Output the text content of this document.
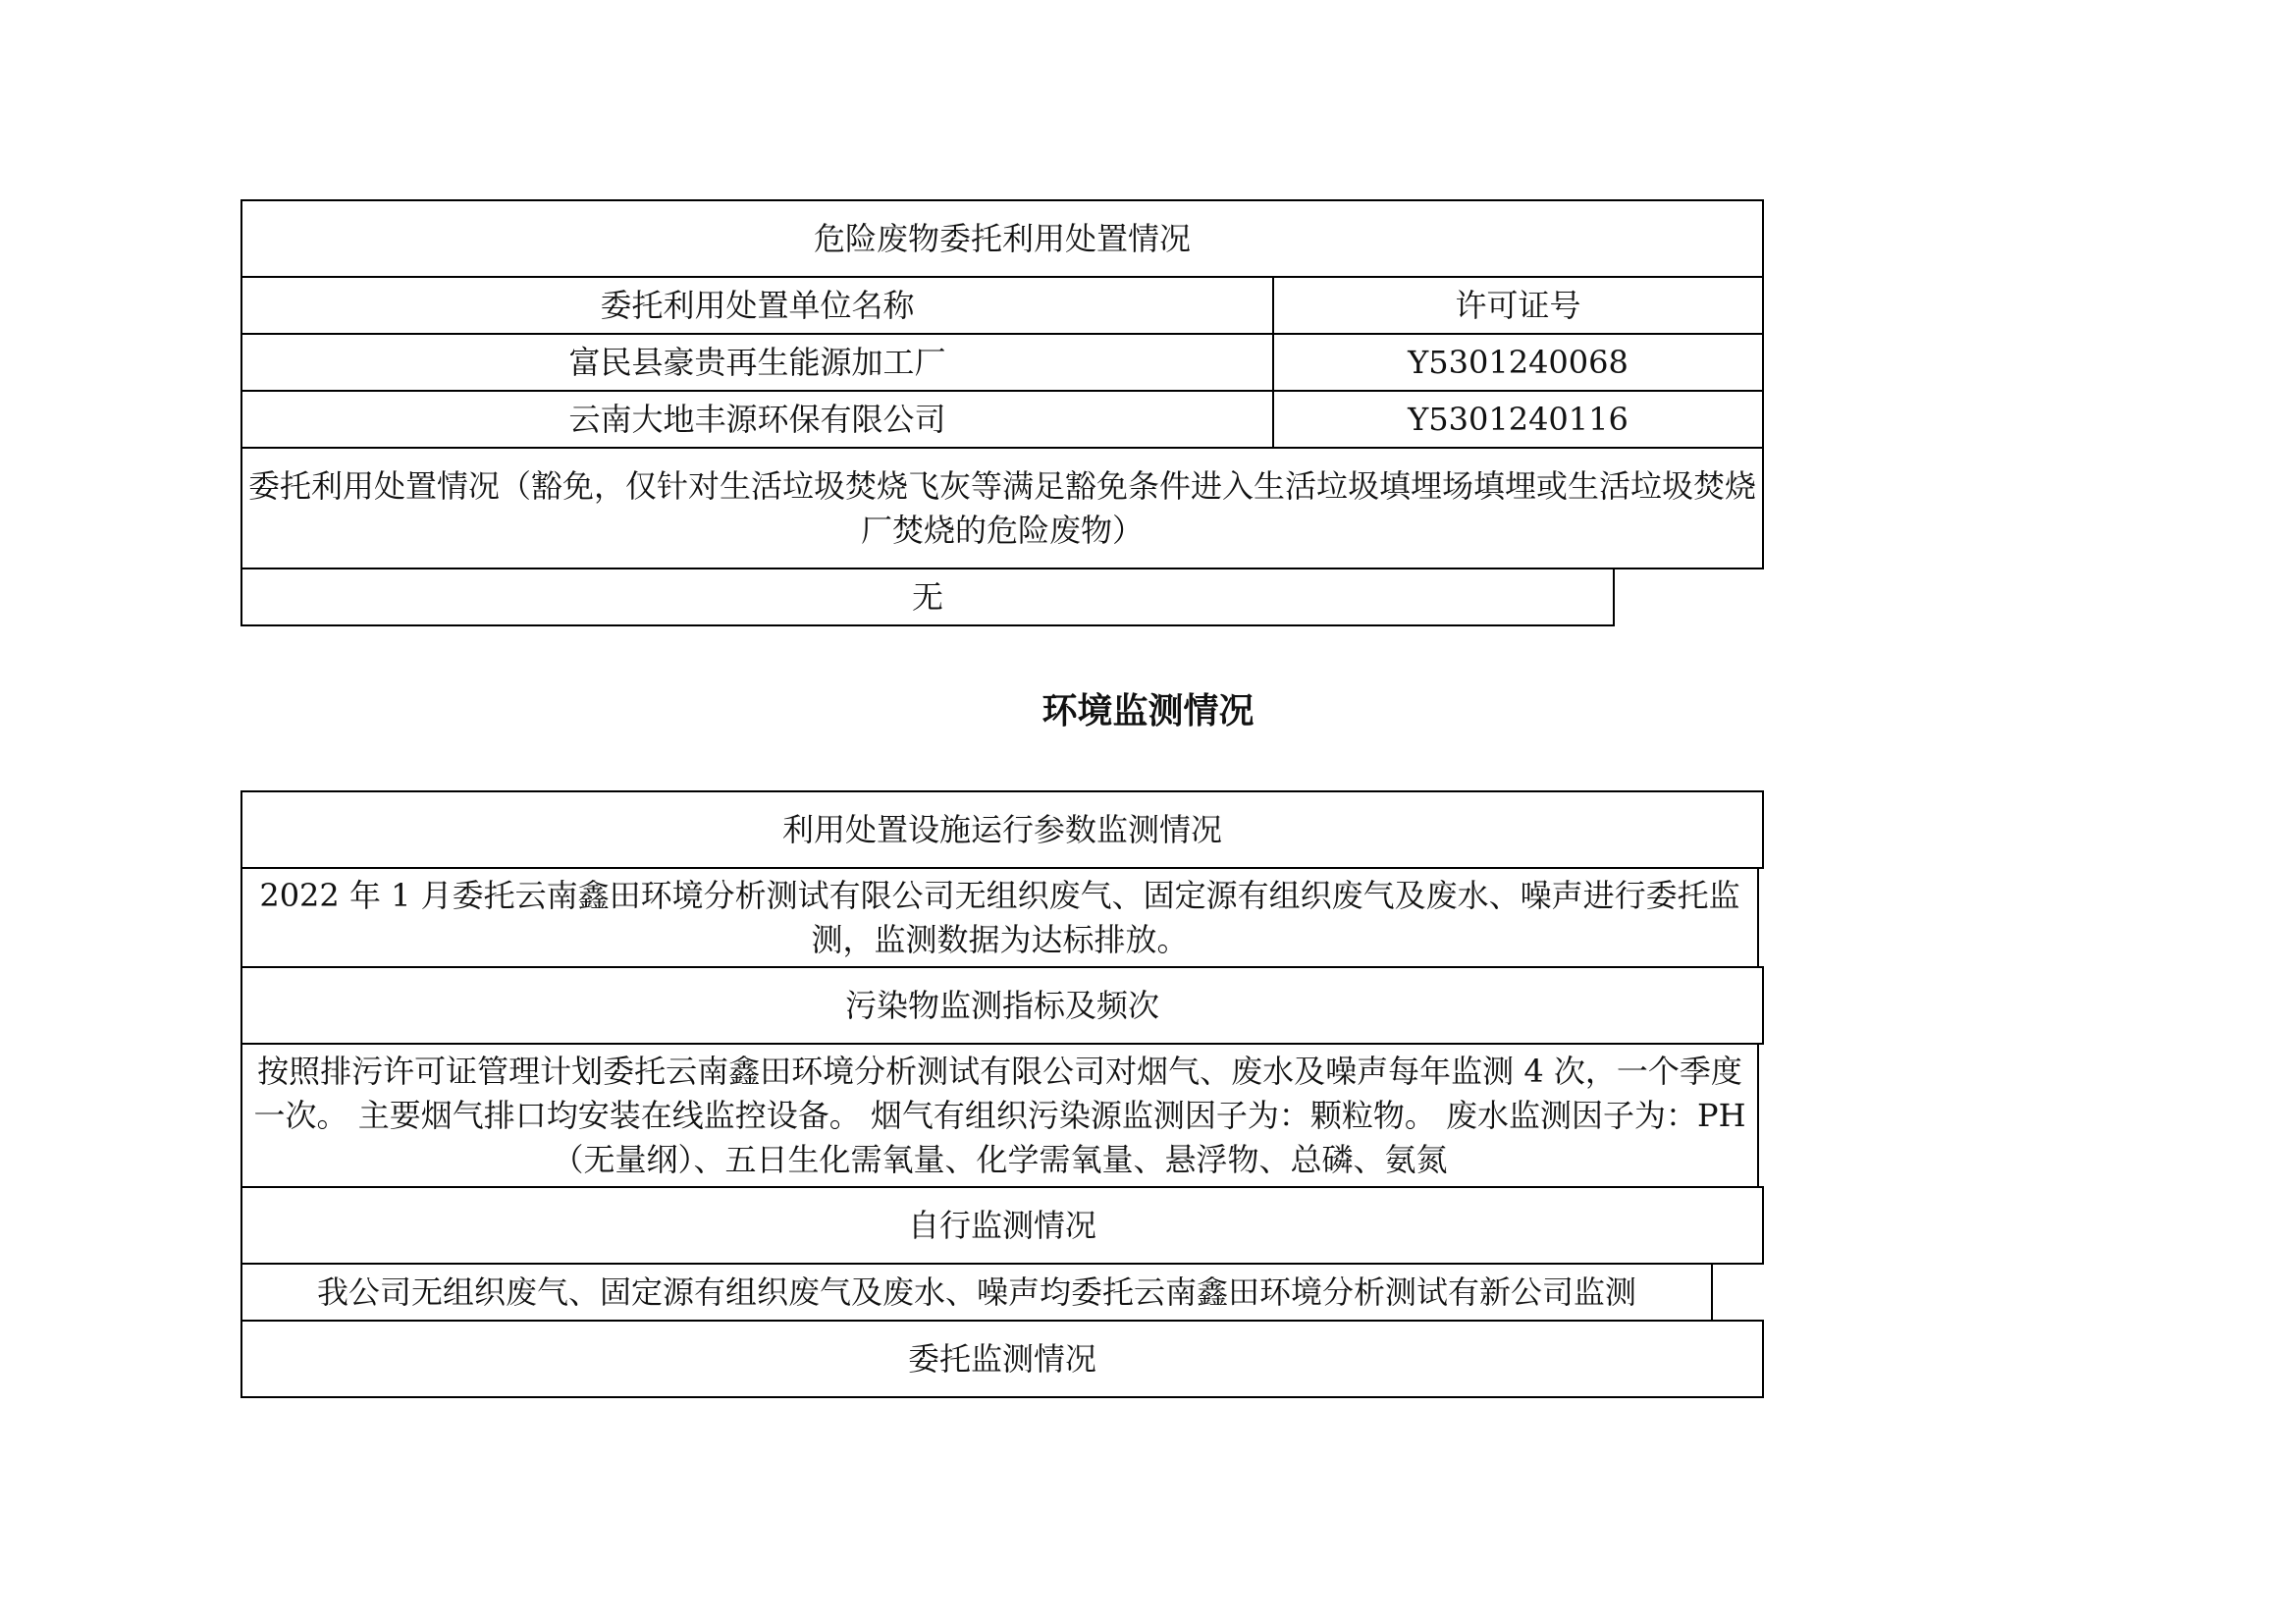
危险废物委托利用处置情况
委托利用处置单位名称	许可证号
富民县豪贵再生能源加工厂	Y5301240068
云南大地丰源环保有限公司	Y5301240116
委托利用处置情况（豁免，仅针对生活垃圾焚烧飞灰等满足豁免条件进入生活垃圾填埋场填埋或生活垃圾焚烧厂焚烧的危险废物）
无
环境监测情况
利用处置设施运行参数监测情况
2022 年 1 月委托云南鑫田环境分析测试有限公司无组织废气、固定源有组织废气及废水、噪声进行委托监测，监测数据为达标排放。
污染物监测指标及频次
按照排污许可证管理计划委托云南鑫田环境分析测试有限公司对烟气、废水及噪声每年监测 4 次，一个季度一次。 主要烟气排口均安装在线监控设备。 烟气有组织污染源监测因子为：颗粒物。 废水监测因子为：PH（无量纲）、五日生化需氧量、化学需氧量、悬浮物、总磷、氨氮
自行监测情况
我公司无组织废气、固定源有组织废气及废水、噪声均委托云南鑫田环境分析测试有新公司监测
委托监测情况
